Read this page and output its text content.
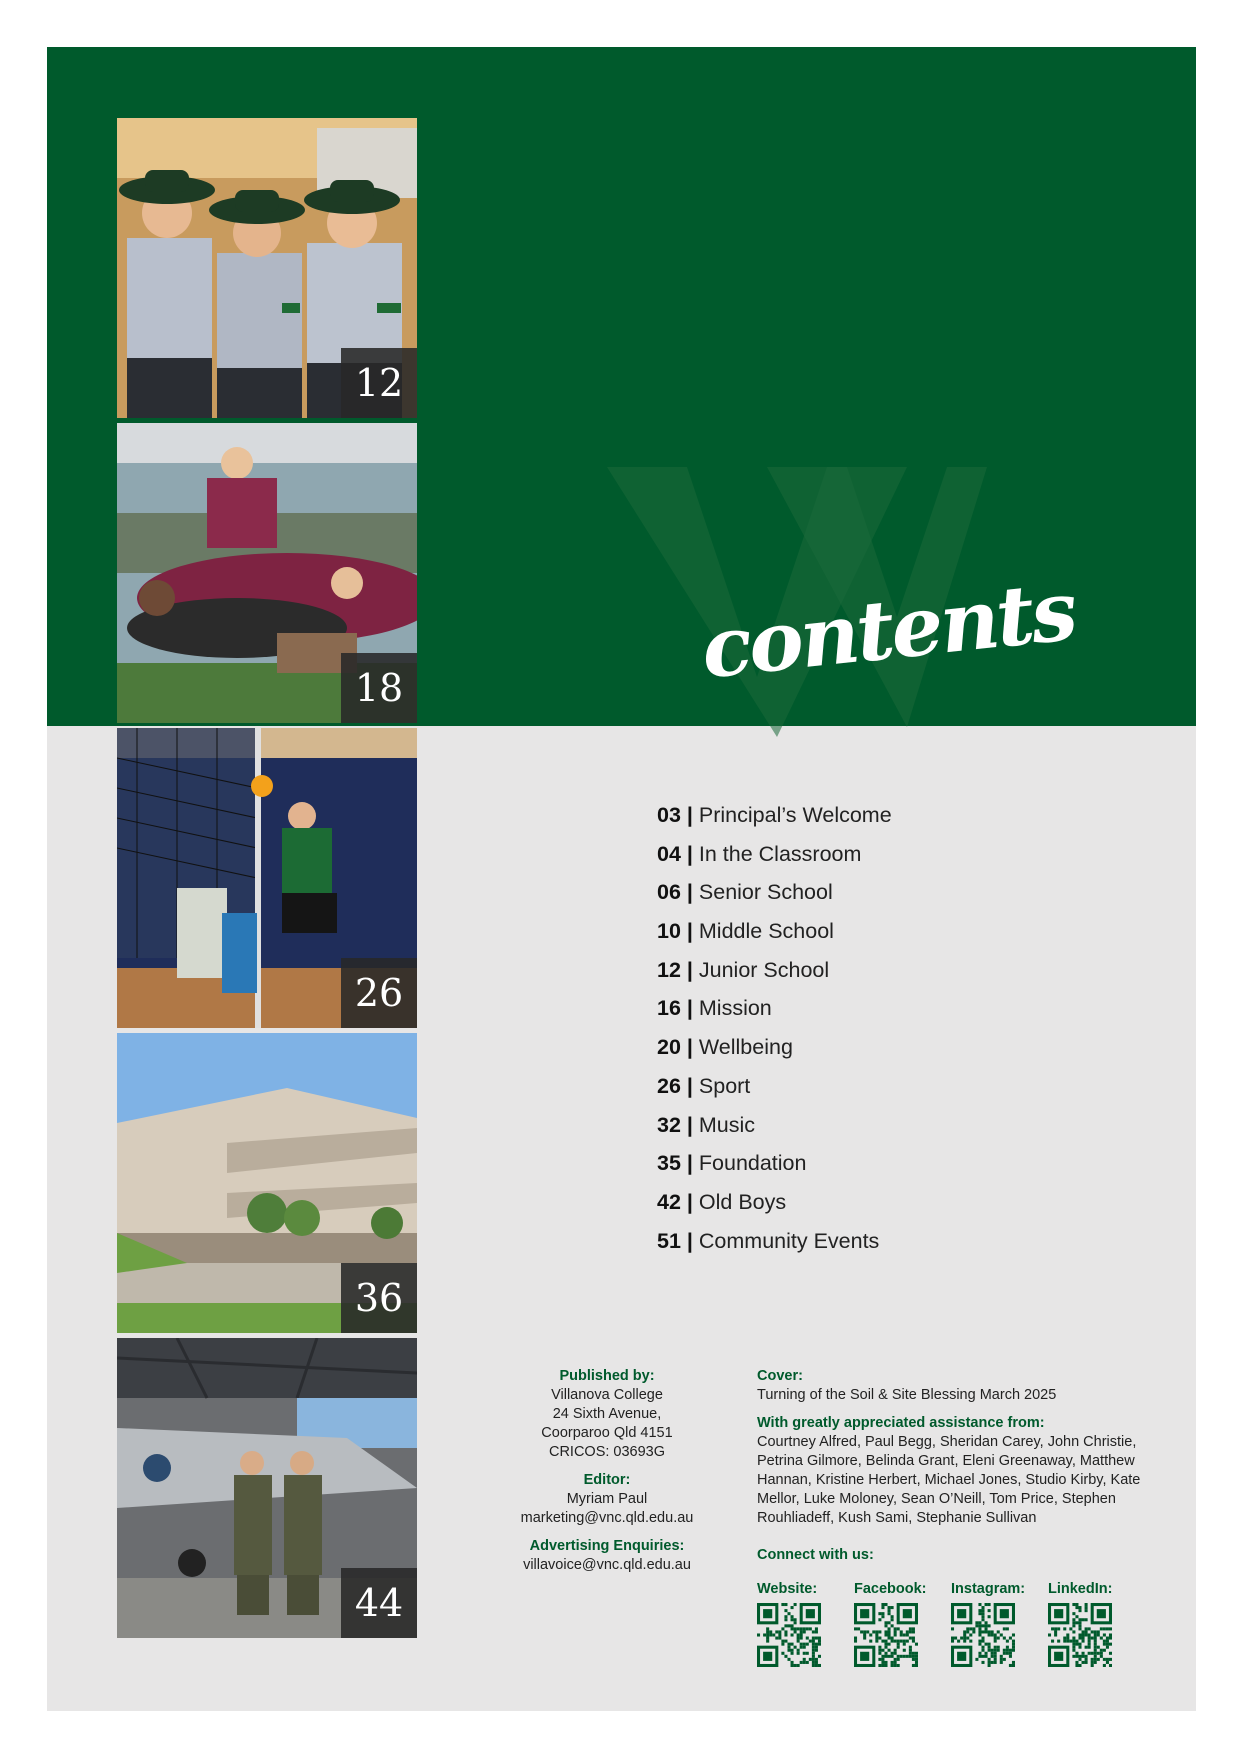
contents
12
18
26
36
44
03 | Principal’s Welcome
04 | In the Classroom
06 | Senior School
10 | Middle School
12 | Junior School
16 | Mission
20 | Wellbeing
26 | Sport
32 | Music
35 | Foundation
42 | Old Boys
51 | Community Events
Published by:
Villanova College
24 Sixth Avenue,
Coorparoo Qld 4151
CRICOS: 03693G
Editor:
Myriam Paul
marketing@vnc.qld.edu.au
Advertising Enquiries:
villavoice@vnc.qld.edu.au
Cover:
Turning of the Soil & Site Blessing March 2025
With greatly appreciated assistance from:
Courtney Alfred, Paul Begg, Sheridan Carey, John Christie,
Petrina Gilmore, Belinda Grant, Eleni Greenaway, Matthew
Hannan, Kristine Herbert, Michael Jones, Studio Kirby, Kate
Mellor, Luke Moloney, Sean O’Neill, Tom Price, Stephen
Rouhliadeff, Kush Sami, Stephanie Sullivan
Connect with us:
Website:	Facebook:	Instagram:	LinkedIn:
